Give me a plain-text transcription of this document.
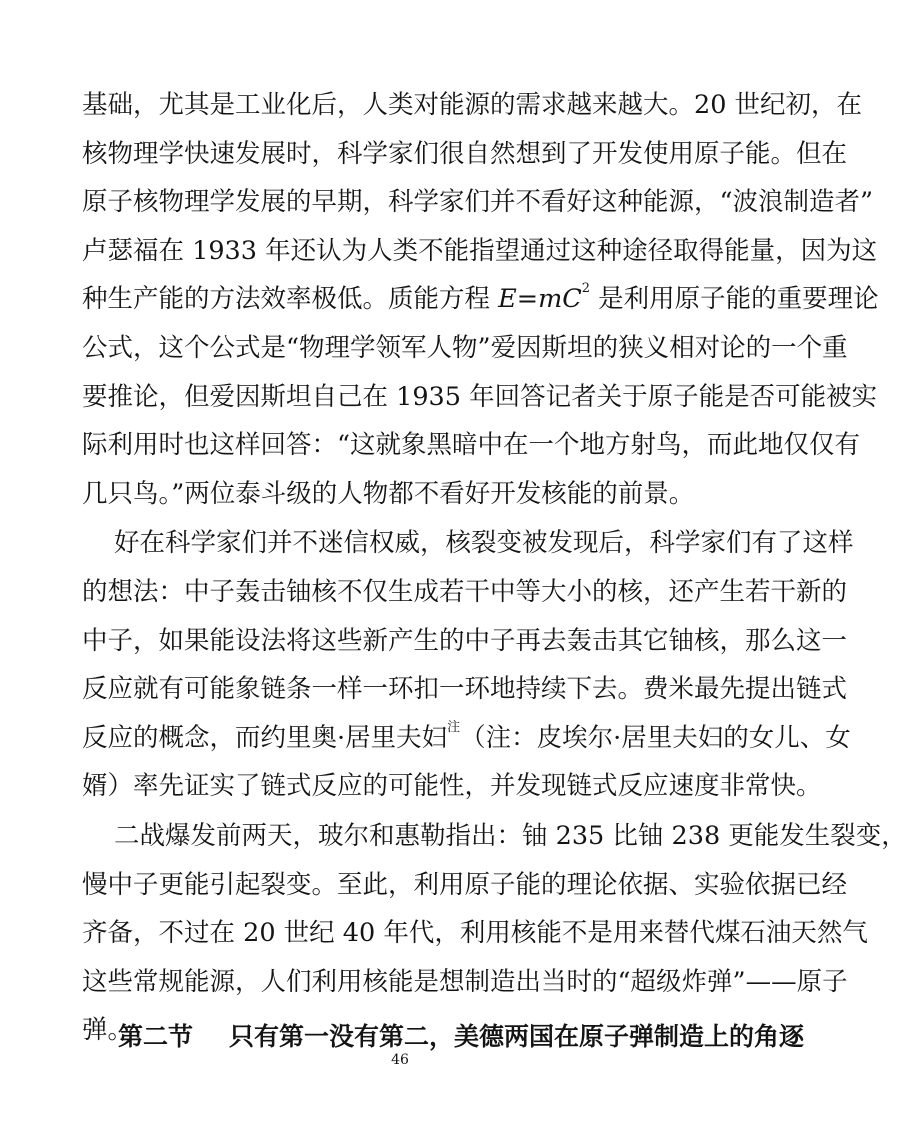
基础，尤其是工业化后，人类对能源的需求越来越大。20 世纪初，在
核物理学快速发展时，科学家们很自然想到了开发使用原子能。但在
原子核物理学发展的早期，科学家们并不看好这种能源，“波浪制造者”
卢瑟福在 1933 年还认为人类不能指望通过这种途径取得能量，因为这
种生产能的方法效率极低。质能方程 $E=mC^2$ 是利用原子能的重要理论
公式，这个公式是“物理学领军人物”爱因斯坦的狭义相对论的一个重
要推论，但爱因斯坦自己在 1935 年回答记者关于原子能是否可能被实
际利用时也这样回答：“这就象黑暗中在一个地方射鸟，而此地仅仅有
几只鸟。”两位泰斗级的人物都不看好开发核能的前景。
好在科学家们并不迷信权威，核裂变被发现后，科学家们有了这样
的想法：中子轰击铀核不仅生成若干中等大小的核，还产生若干新的
中子，如果能设法将这些新产生的中子再去轰击其它铀核，那么这一
反应就有可能象链条一样一环扣一环地持续下去。费米最先提出链式
反应的概念，而约里奥·居里夫妇$^注$（注：皮埃尔·居里夫妇的女儿、女
婿）率先证实了链式反应的可能性，并发现链式反应速度非常快。
二战爆发前两天，玻尔和惠勒指出：铀 235 比铀 238 更能发生裂变，
慢中子更能引起裂变。至此，利用原子能的理论依据、实验依据已经
齐备，不过在 20 世纪 40 年代，利用核能不是用来替代煤石油天然气
这些常规能源，人们利用核能是想制造出当时的“超级炸弹”——原子
弹。
第二节 只有第一没有第二，美德两国在原子弹制造上的角逐
46
